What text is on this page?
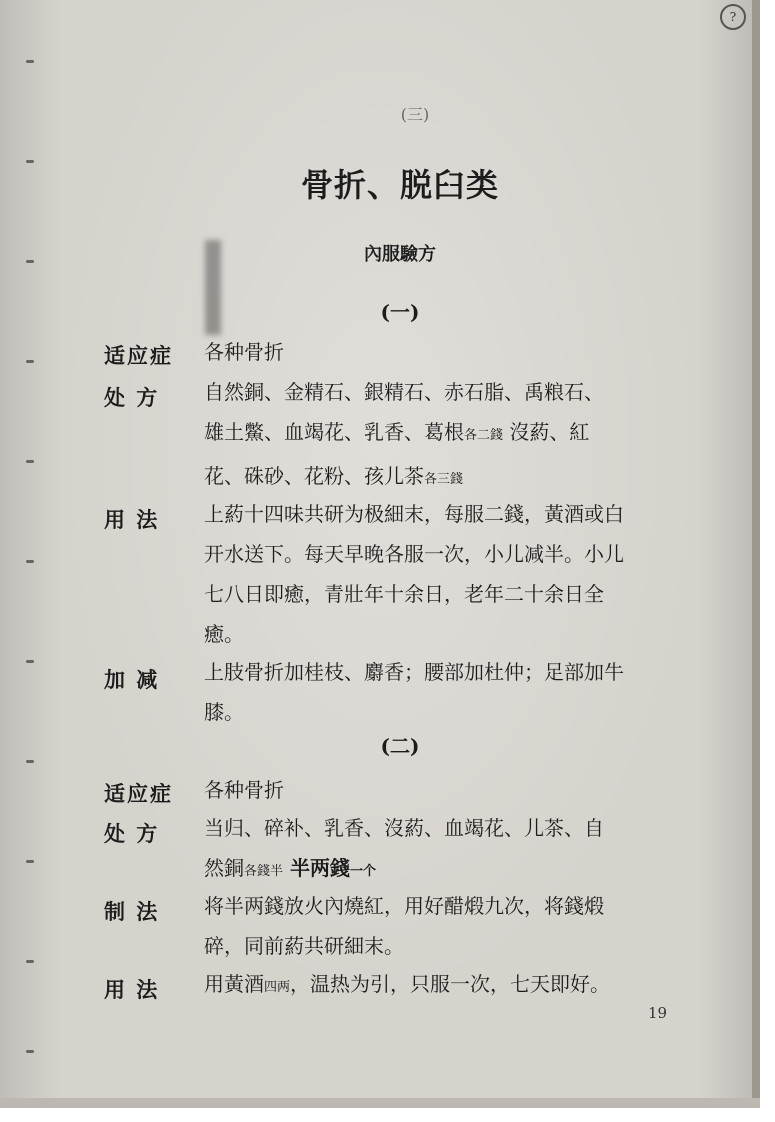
?
(三)
骨折、脱臼类
內服驗方
(一)
适应症 各种骨折
处 方 自然銅、金精石、銀精石、赤石脂、禹粮石、
雄土鱉、血竭花、乳香、葛根各二錢 沒葯、紅
花、硃砂、花粉、孩儿茶各三錢
用 法 上葯十四味共研为极細末，每服二錢，黃酒或白
开水送下。每天早晚各服一次，小儿减半。小儿
七八日即癒，青壯年十余日，老年二十余日全
癒。
加 减 上肢骨折加桂枝、麝香；腰部加杜仲；足部加牛
膝。
(二)
适应症 各种骨折
处 方 当归、碎补、乳香、沒葯、血竭花、儿茶、自
然銅各錢半 半两錢一个
制 法 将半两錢放火內燒紅，用好醋煅九次，将錢煅
碎，同前葯共研細末。
用 法 用黃酒四两，温热为引，只服一次，七天即好。
19
